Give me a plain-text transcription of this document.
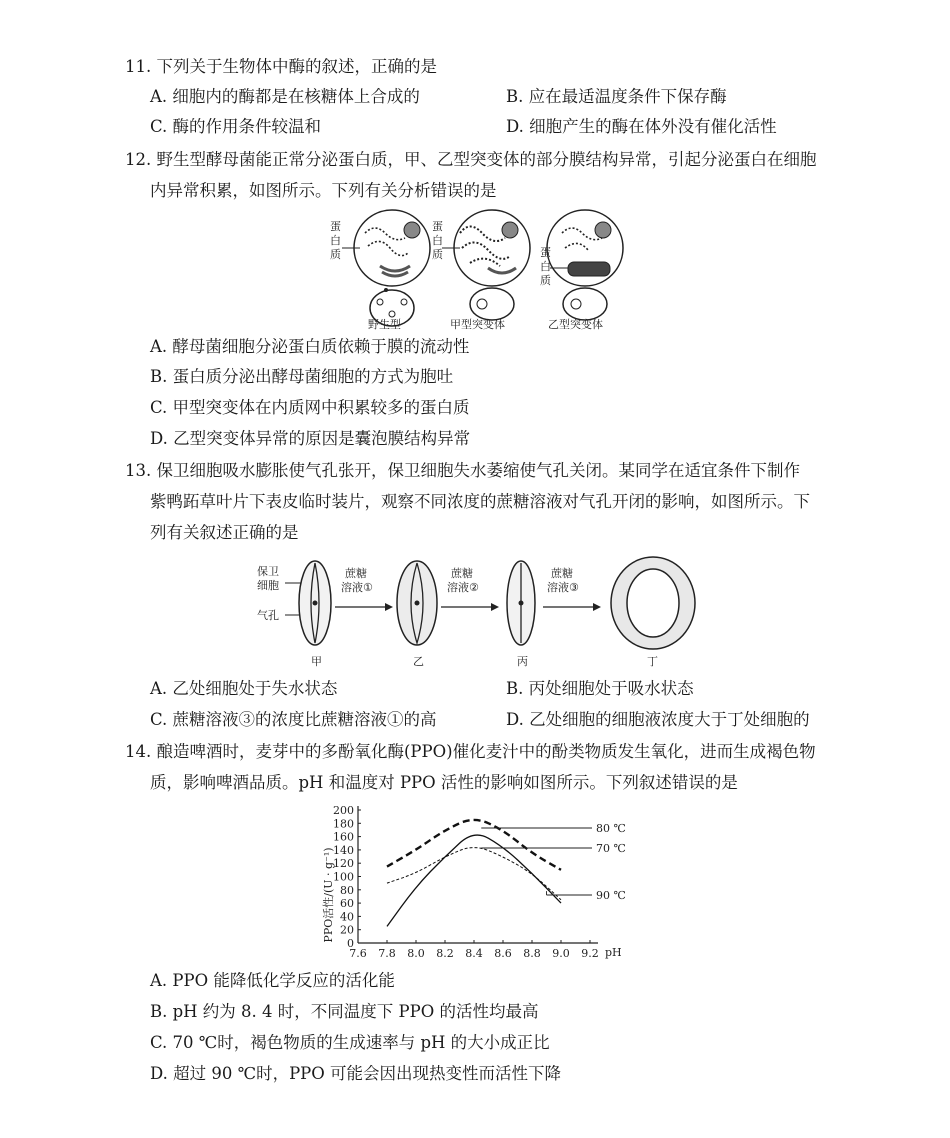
11. 下列关于生物体中酶的叙述，正确的是
A. 细胞内的酶都是在核糖体上合成的	B. 应在最适温度条件下保存酶
C. 酶的作用条件较温和	D. 细胞产生的酶在体外没有催化活性
12. 野生型酵母菌能正常分泌蛋白质，甲、乙型突变体的部分膜结构异常，引起分泌蛋白在细胞
内异常积累，如图所示。下列有关分析错误的是
蛋
白
质
蛋
白
质	蛋
白
质
野生型	甲型突变体	乙型突变体
A. 酵母菌细胞分泌蛋白质依赖于膜的流动性
B. 蛋白质分泌出酵母菌细胞的方式为胞吐
C. 甲型突变体在内质网中积累较多的蛋白质
D. 乙型突变体异常的原因是囊泡膜结构异常
13. 保卫细胞吸水膨胀使气孔张开，保卫细胞失水萎缩使气孔关闭。某同学在适宜条件下制作
紫鸭跖草叶片下表皮临时装片，观察不同浓度的蔗糖溶液对气孔开闭的影响，如图所示。下
列有关叙述正确的是
保卫
细胞
气孔
蔗糖
溶液①
蔗糖
溶液②
蔗糖
溶液③
甲	乙	丙	丁
A. 乙处细胞处于失水状态	B. 丙处细胞处于吸水状态
C. 蔗糖溶液③的浓度比蔗糖溶液①的高	D. 乙处细胞的细胞液浓度大于丁处细胞的
14. 酿造啤酒时，麦芽中的多酚氧化酶(PPO)催化麦汁中的酚类物质发生氧化，进而生成褐色物
质，影响啤酒品质。pH 和温度对 PPO 活性的影响如图所示。下列叙述错误的是
PPO活性/(U · g⁻¹)
pH
7.6 7.8 8.0 8.2 8.4 8.6 8.8 9.0 9.2
0
20
40
60
80
100
120
140
160
180
200
80 ℃
70 ℃
90 ℃
A. PPO 能降低化学反应的活化能
B. pH 约为 8. 4 时，不同温度下 PPO 的活性均最高
C. 70 ℃时，褐色物质的生成速率与 pH 的大小成正比
D. 超过 90 ℃时，PPO 可能会因出现热变性而活性下降
